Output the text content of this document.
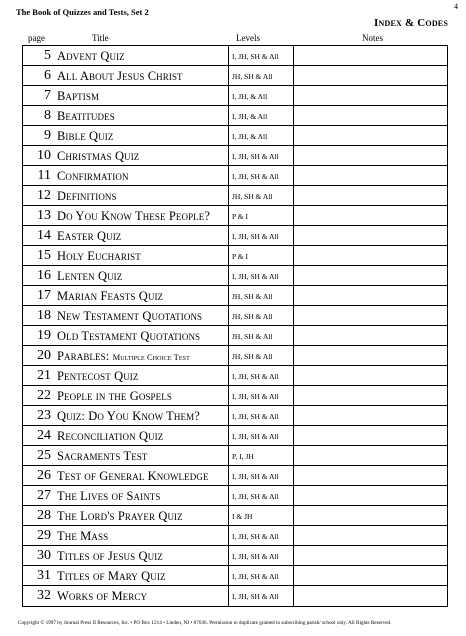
4
The Book of Quizzes and Tests, Set 2
Index & Codes
page	Title	Levels	Notes
5 Advent Quiz	I, JH, SH & All
6 All About Jesus Christ	JH, SH & All
7 Baptism	I, JH, & All
8 Beatitudes	I, JH, & All
9 Bible Quiz	I, JH, & All
10 Christmas Quiz	I, JH, SH & All
11 Confirmation	I, JH, SH & All
12 Definitions	JH, SH & All
13 Do You Know These People?	P & I
14 Easter Quiz	I, JH, SH & All
15 Holy Eucharist	P & I
16 Lenten Quiz	I, JH, SH & All
17 Marian Feasts Quiz	JH, SH & All
18 New Testament Quotations	JH, SH & All
19 Old Testament Quotations	JH, SH & All
20 Parables: Multiple Choice Test	JH, SH & All
21 Pentecost Quiz	I, JH, SH & All
22 People in the Gospels	I, JH, SH & All
23 Quiz: Do You Know Them?	I, JH, SH & All
24 Reconciliation Quiz	I, JH, SH & All
25 Sacraments Test	P, I, JH
26 Test of General Knowledge	I, JH, SH & All
27 The Lives of Saints	I, JH, SH & All
28 The Lord's Prayer Quiz	I & JH
29 The Mass	I, JH, SH & All
30 Titles of Jesus Quiz	I, JH, SH & All
31 Titles of Mary Quiz	I, JH, SH & All
32 Works of Mercy	I, JH, SH & All
Copyright © 1997 by Journal Press II Resources, Inc. • PO Box 1214 • Linden, NJ • 07036. Permission to duplicate granted to subscribing parish/ school only. All Rights Reserved.
